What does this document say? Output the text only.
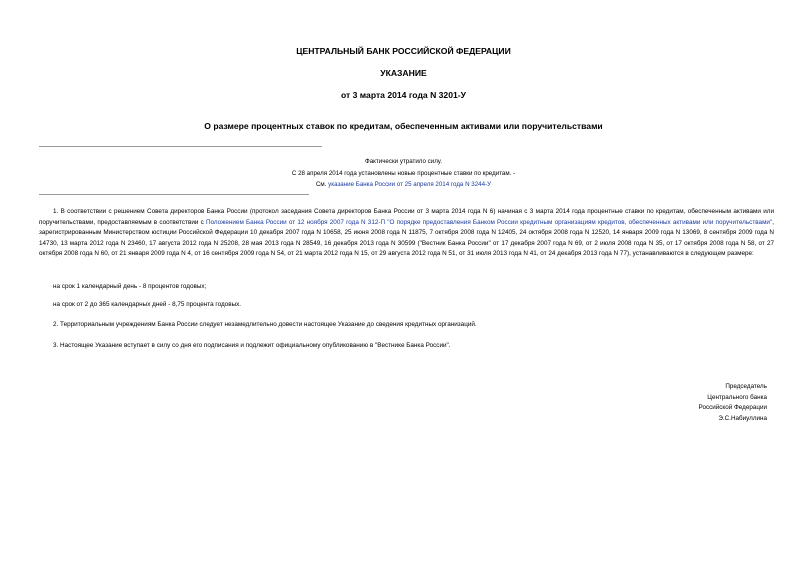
ЦЕНТРАЛЬНЫЙ БАНК РОССИЙСКОЙ ФЕДЕРАЦИИ
УКАЗАНИЕ
от 3 марта 2014 года N 3201-У
О размере процентных ставок по кредитам, обеспеченным активами или поручительствами
Фактически утратило силу.
С 28 апреля 2014 года установлены новые процентные ставки по кредитам. -
См. указание Банка России от 25 апреля 2014 года N 3244-У

1. В соответствии с решением Совета директоров Банка России (протокол заседания Совета директоров Банка России от 3 марта 2014 года N 6) начиная с 3 марта 2014 года процентные ставки по кредитам, обеспеченным активами или поручительствами, предоставляемым в соответствии с Положением Банка России от 12 ноября 2007 года N 312-П "О порядке предоставления Банком России кредитным организациям кредитов, обеспеченных активами или поручительствами", зарегистрированным Министерством юстиции Российской Федерации 10 декабря 2007 года N 10658, 25 июня 2008 года N 11875, 7 октября 2008 года N 12405, 24 октября 2008 года N 12520, 14 января 2009 года N 13069, 8 сентября 2009 года N 14730, 13 марта 2012 года N 23460, 17 августа 2012 года N 25208, 28 мая 2013 года N 28549, 16 декабря 2013 года N 30599 ("Вестник Банка России" от 17 декабря 2007 года N 69, от 2 июля 2008 года N 35, от 17 октября 2008 года N 58, от 27 октября 2008 года N 60, от 21 января 2009 года N 4, от 16 сентября 2009 года N 54, от 21 марта 2012 года N 15, от 29 августа 2012 года N 51, от 31 июля 2013 года N 41, от 24 декабря 2013 года N 77), устанавливаются в следующем размере:

на срок 1 календарный день - 8 процентов годовых;

на срок от 2 до 365 календарных дней - 8,75 процента годовых.

2. Территориальным учреждениям Банка России следует незамедлительно довести настоящее Указание до сведения кредитных организаций.

3. Настоящее Указание вступает в силу со дня его подписания и подлежит официальному опубликованию в "Вестнике Банка России".

Председатель
Центрального банка
Российской Федерации
Э.С.Набиуллина
